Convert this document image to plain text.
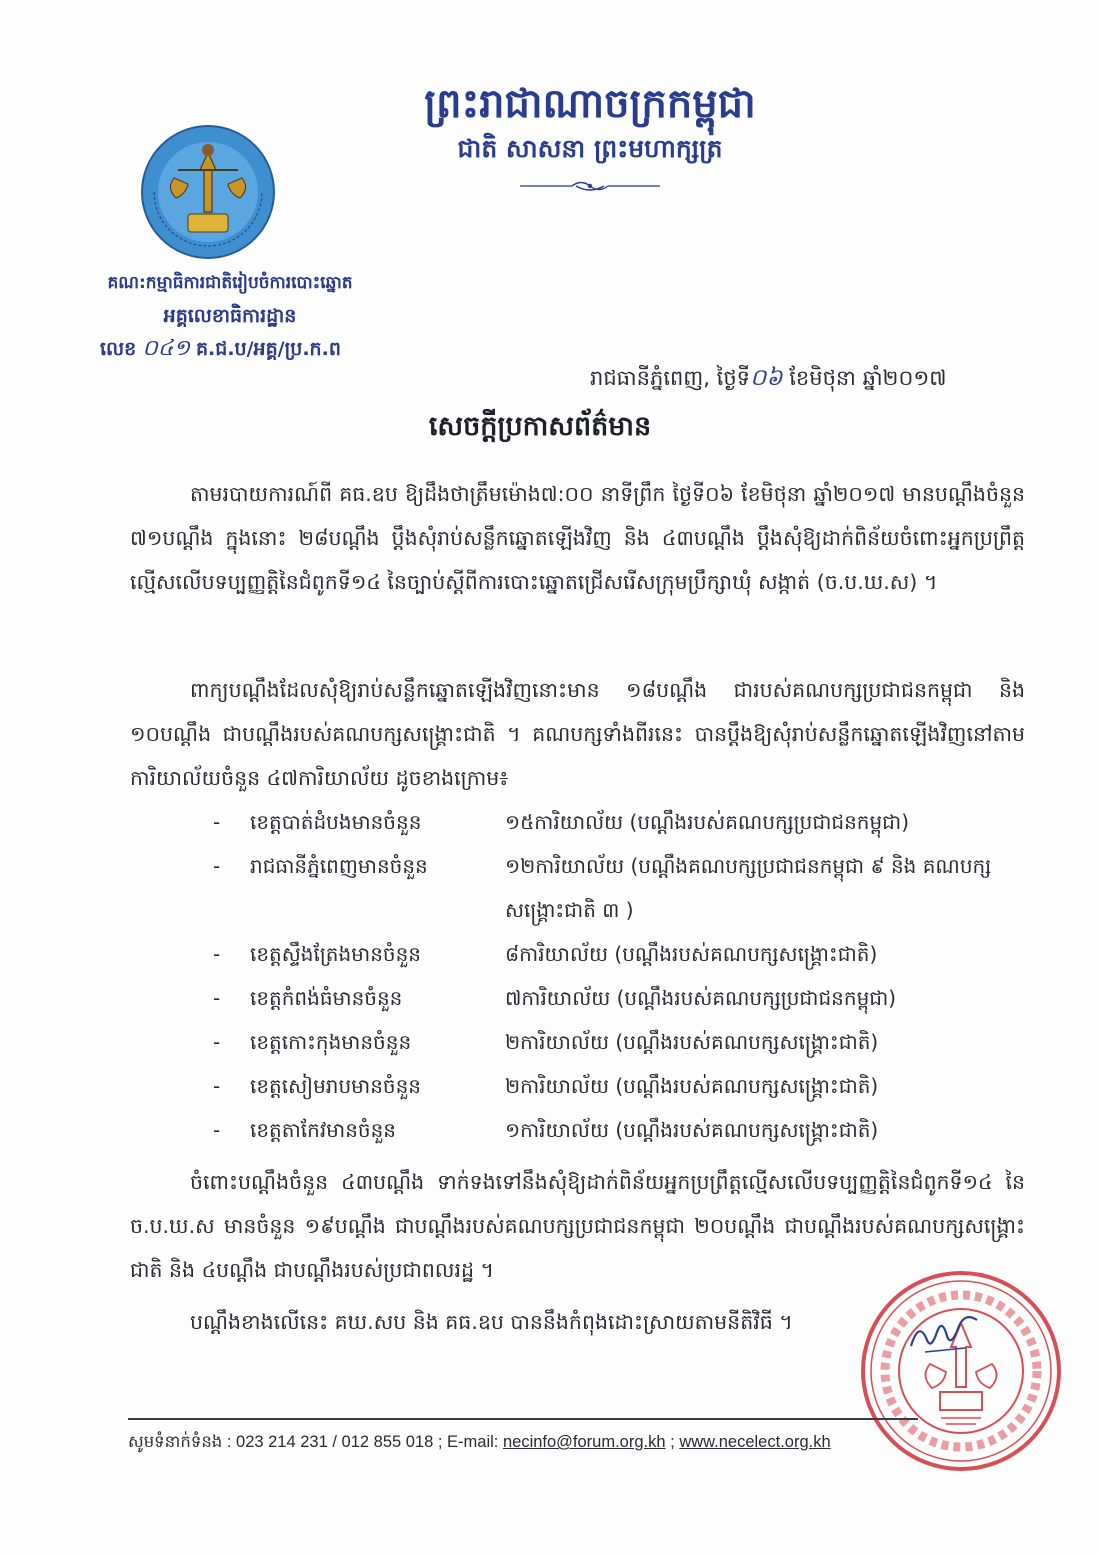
ព្រះរាជាណាចក្រកម្ពុជា
ជាតិ សាសនា ព្រះមហាក្សត្រ
គណ:កម្មាធិការជាតិរៀបចំការបោះឆ្នោត
អគ្គលេខាធិការដ្ឋាន
លេខ ០៤១ គ.ជ.ប/អគ្គ/ប្រ.ក.ព
រាជធានីភ្នំពេញ, ថ្ងៃទី០៦ ខែមិថុនា ឆ្នាំ២០១៧
សេចក្ដីប្រកាសព័ត៌មាន
តាមរបាយការណ៍ពី គធ.ឧប ឱ្យដឹងថាត្រឹមម៉ោង៧:០០ នាទីព្រឹក ថ្ងៃទី០៦ ខែមិថុនា ឆ្នាំ២០១៧ មានបណ្ដឹងចំនួន ៧១បណ្ដឹង ក្នុងនោះ ២៨បណ្ដឹង ប្ដឹងសុំរាប់សន្លឹកឆ្នោតឡើងវិញ និង ៤៣បណ្ដឹង ប្ដឹងសុំឱ្យដាក់ពិន័យចំពោះអ្នកប្រព្រឹត្តល្មើសលើបទប្បញ្ញត្តិនៃជំពូកទី១៤ នៃច្បាប់ស្ដីពីការបោះឆ្នោតជ្រើសរើសក្រុមប្រឹក្សាឃុំ សង្កាត់ (ច.ប.ឃ.ស) ។
ពាក្យបណ្ដឹងដែលសុំឱ្យរាប់សន្លឹកឆ្នោតឡើងវិញនោះមាន ១៨បណ្ដឹង ជារបស់គណបក្សប្រជាជនកម្ពុជា និង ១០បណ្ដឹង ជាបណ្ដឹងរបស់គណបក្សសង្គ្រោះជាតិ ។ គណបក្សទាំងពីរនេះ បានប្ដឹងឱ្យសុំរាប់សន្លឹកឆ្នោតឡើងវិញនៅតាមការិយាល័យចំនួន ៤៧ការិយាល័យ ដូចខាងក្រោម៖
-	ខេត្តបាត់ដំបងមានចំនួន	១៥ការិយាល័យ (បណ្ដឹងរបស់គណបក្សប្រជាជនកម្ពុជា)
-	រាជធានីភ្នំពេញមានចំនួន	១២ការិយាល័យ (បណ្ដឹងគណបក្សប្រជាជនកម្ពុជា ៩ និង គណបក្សសង្គ្រោះជាតិ ៣ )
-	ខេត្តស្ទឹងត្រែងមានចំនួន	៨ការិយាល័យ (បណ្ដឹងរបស់គណបក្សសង្គ្រោះជាតិ)
-	ខេត្តកំពង់ធំមានចំនួន	៧ការិយាល័យ (បណ្ដឹងរបស់គណបក្សប្រជាជនកម្ពុជា)
-	ខេត្តកោះកុងមានចំនួន	២ការិយាល័យ (បណ្ដឹងរបស់គណបក្សសង្គ្រោះជាតិ)
-	ខេត្តសៀមរាបមានចំនួន	២ការិយាល័យ (បណ្ដឹងរបស់គណបក្សសង្គ្រោះជាតិ)
-	ខេត្តតាកែវមានចំនួន	១ការិយាល័យ (បណ្ដឹងរបស់គណបក្សសង្គ្រោះជាតិ)
ចំពោះបណ្ដឹងចំនួន ៤៣បណ្ដឹង ទាក់ទងទៅនឹងសុំឱ្យដាក់ពិន័យអ្នកប្រព្រឹត្តល្មើសលើបទប្បញ្ញត្តិនៃជំពូកទី១៤ នៃ ច.ប.ឃ.ស មានចំនួន ១៩បណ្ដឹង ជាបណ្ដឹងរបស់គណបក្សប្រជាជនកម្ពុជា ២០បណ្ដឹង ជាបណ្ដឹងរបស់គណបក្សសង្គ្រោះជាតិ និង ៤បណ្ដឹង ជាបណ្ដឹងរបស់ប្រជាពលរដ្ឋ ។
បណ្ដឹងខាងលើនេះ គឃ.សប និង គធ.ឧប បាននឹងកំពុងដោះស្រាយតាមនីតិវិធី ។
សូមទំនាក់ទំនង : 023 214 231 / 012 855 018 ; E-mail: necinfo@forum.org.kh ; www.necelect.org.kh
